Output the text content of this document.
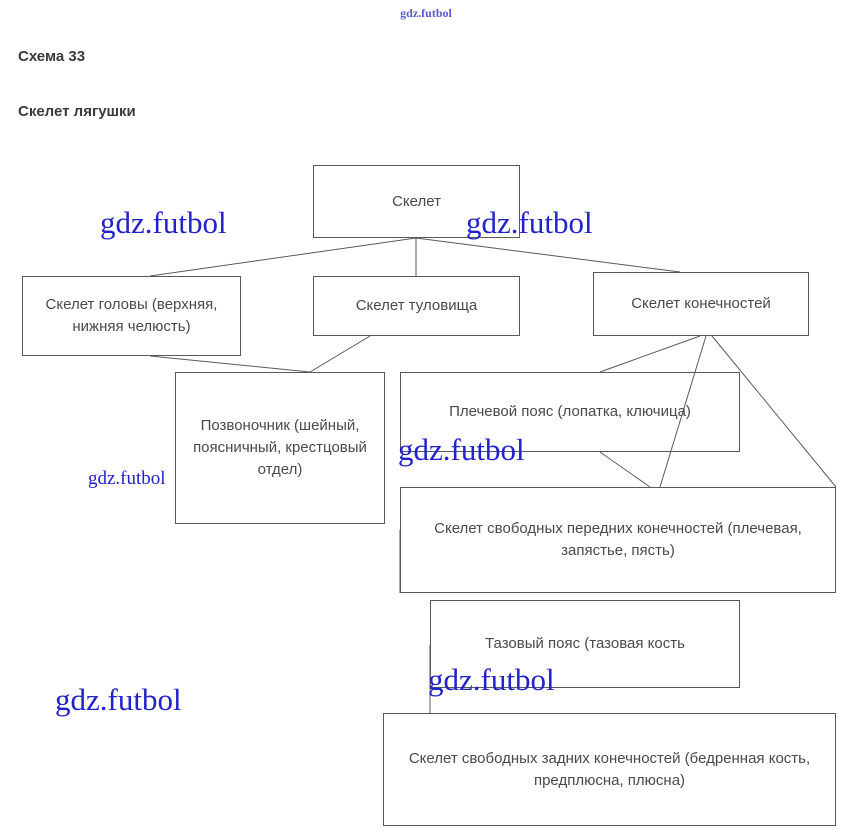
gdz.futbol
Схема 33
Скелет лягушки
Скелет
Скелет головы (верхняя, нижняя челюсть)
Скелет туловища	Скелет конечностей
Позвоночник (шейный, поясничный, крестцовый отдел)
Плечевой пояс (лопатка, ключица)
Скелет свободных передних конечностей (плечевая, запястье, пясть)
Тазовый пояс (тазовая кость
Скелет свободных задних конечностей (бедренная кость, предплюсна, плюсна)
gdz.futbol	gdz.futbol
gdz.futbol
gdz.futbol
gdz.futbol
gdz.futbol
